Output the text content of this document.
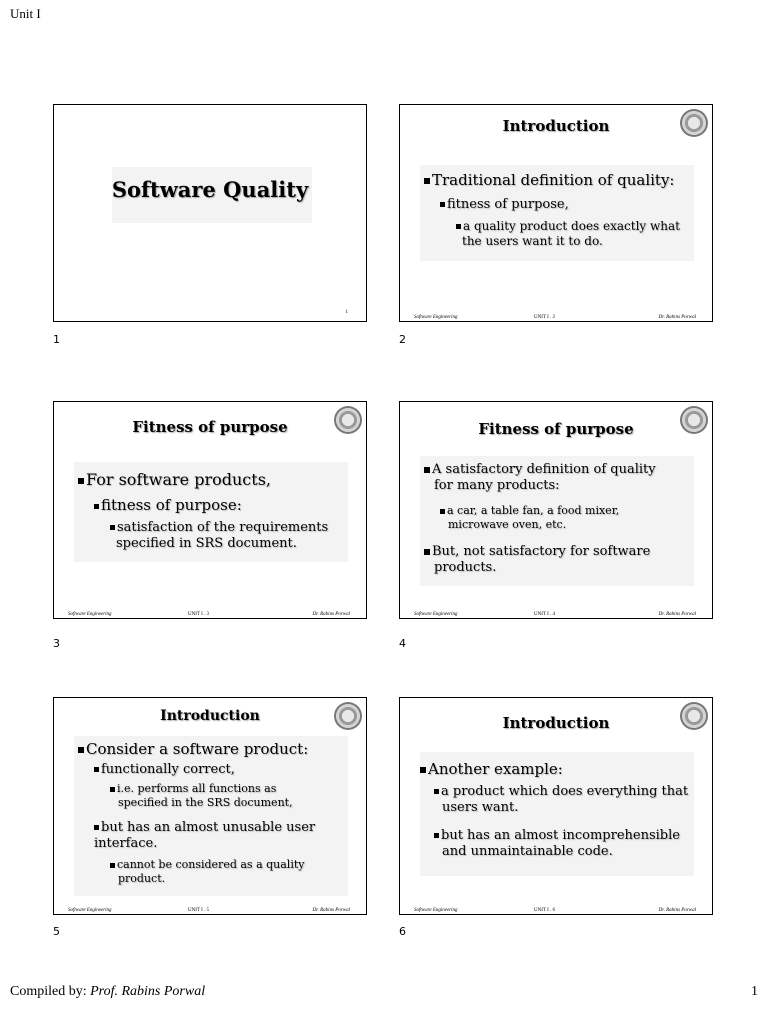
Unit I
Software Quality
1
1
Introduction
Traditional definition of quality:
fitness of purpose,
a quality product does exactly what
the users want it to do.
Software Engineering	UNIT I . 2	Dr. Rabins Porwal
2
Fitness of purpose
For software products,
fitness of purpose:
satisfaction of the requirements
specified in SRS document.
Software Engineering	UNIT I . 3	Dr. Rabins Porwal
3
Fitness of purpose
A satisfactory definition of quality
for many products:
a car, a table fan, a food mixer,
microwave oven, etc.
But, not satisfactory for software
products.
Software Engineering	UNIT I . 4	Dr. Rabins Porwal
4
Introduction
Consider a software product:
functionally correct,
i.e. performs all functions as
specified in the SRS document,
but has an almost unusable user
interface.
cannot be considered as a quality
product.
Software Engineering	UNIT I . 5	Dr. Rabins Porwal
5
Introduction
Another example:
a product which does everything that
users want.
but has an almost incomprehensible
and unmaintainable code.
Software Engineering	UNIT I . 6	Dr. Rabins Porwal
6
Compiled by: Prof. Rabins Porwal	1
